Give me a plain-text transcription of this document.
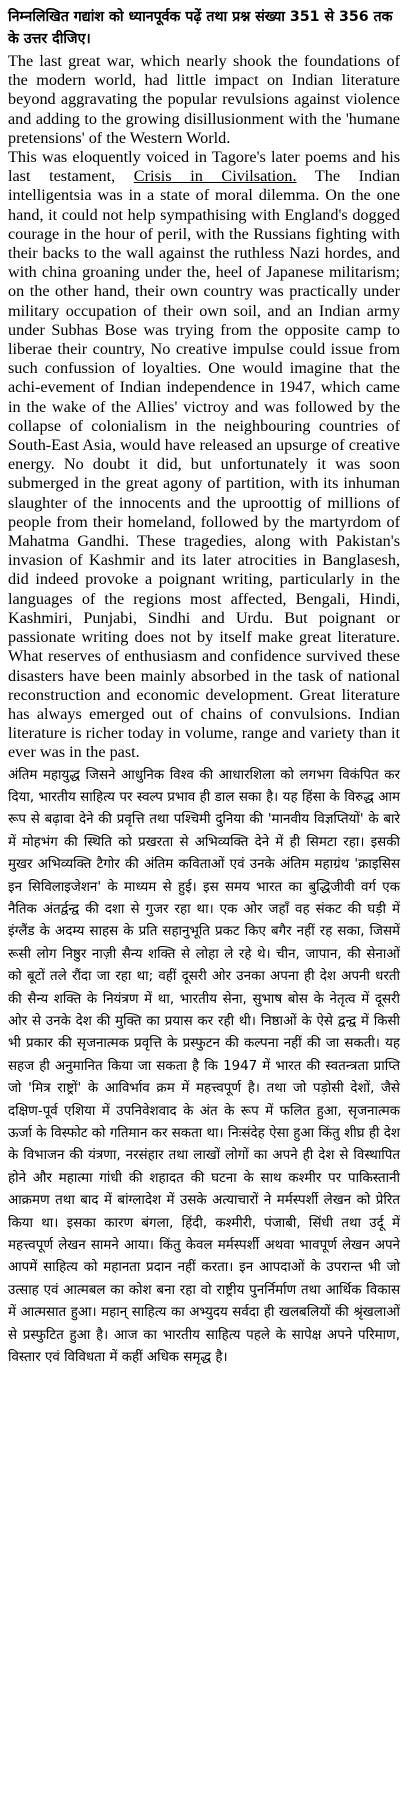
निम्नलिखित गद्यांश को ध्यानपूर्वक पढ़ें तथा प्रश्न संख्या 351 से 356 तक के उत्तर दीजिए।

The last great war, which nearly shook the foundations of the modern world, had little impact on Indian literature beyond aggravating the popular revulsions against violence and adding to the growing disillusionment with the 'humane pretensions' of the Western World.

This was eloquently voiced in Tagore's later poems and his last testament, Crisis in Civilsation. The Indian intelligentsia was in a state of moral dilemma. On the one hand, it could not help sympathising with England's dogged courage in the hour of peril, with the Russians fighting with their backs to the wall against the ruthless Nazi hordes, and with china groaning under the, heel of Japanese militarism; on the other hand, their own country was practically under military occupation of their own soil, and an Indian army under Subhas Bose was trying from the opposite camp to liberae their country, No creative impulse could issue from such confussion of loyalties. One would imagine that the achi-evement of Indian independence in 1947, which came in the wake of the Allies' victroy and was followed by the collapse of colonialism in the neighbouring countries of South-East Asia, would have released an upsurge of creative energy. No doubt it did, but unfortunately it was soon submerged in the great agony of partition, with its inhuman slaughter of the innocents and the uproottig of millions of people from their homeland, followed by the martyrdom of Mahatma Gandhi. These tragedies, along with Pakistan's invasion of Kashmir and its later atrocities in Banglasesh, did indeed provoke a poignant writing, particularly in the languages of the regions most affected, Bengali, Hindi, Kashmiri, Punjabi, Sindhi and Urdu. But poignant or passionate writing does not by itself make great literature. What reserves of enthusiasm and confidence survived these disasters have been mainly absorbed in the task of national reconstruction and economic development. Great literature has always emerged out of chains of convulsions. Indian literature is richer today in volume, range and variety than it ever was in the past.

अंतिम महायुद्ध जिसने आधुनिक विश्व की आधारशिला को लगभग विकंपित कर दिया, भारतीय साहित्य पर स्वल्प प्रभाव ही डाल सका है। यह हिंसा के विरुद्ध आम रूप से बढ़ावा देने की प्रवृत्ति तथा पश्चिमी दुनिया की 'मानवीय विज्ञप्तियों' के बारे में मोहभंग की स्थिति को प्रखरता से अभिव्यक्ति देने में ही सिमटा रहा। इसकी मुखर अभिव्यक्ति टैगोर की अंतिम कविताओं एवं उनके अंतिम महाग्रंथ 'क्राइसिस इन सिविलाइजेशन' के माध्यम से हुई। इस समय भारत का बुद्धिजीवी वर्ग एक नैतिक अंतर्द्वन्द्व की दशा से गुजर रहा था। एक ओर जहाँ वह संकट की घड़ी में इंग्लैंड के अदम्य साहस के प्रति सहानुभूति प्रकट किए बगैर नहीं रह सका, जिसमें रूसी लोग निष्ठुर नाज़ी सैन्य शक्ति से लोहा ले रहे थे। चीन, जापान, की सेनाओं को बूटों तले रौंदा जा रहा था; वहीं दूसरी ओर उनका अपना ही देश अपनी धरती की सैन्य शक्ति के नियंत्रण में था, भारतीय सेना, सुभाष बोस के नेतृत्व में दूसरी ओर से उनके देश की मुक्ति का प्रयास कर रही थी। निष्ठाओं के ऐसे द्वन्द्व में किसी भी प्रकार की सृजनात्मक प्रवृत्ति के प्रस्फुटन की कल्पना नहीं की जा सकती। यह सहज ही अनुमानित किया जा सकता है कि 1947 में भारत की स्वतन्त्रता प्राप्ति जो 'मित्र राष्ट्रों' के आविर्भाव क्रम में महत्त्वपूर्ण है। तथा जो पड़ोसी देशों, जैसे दक्षिण-पूर्व एशिया में उपनिवेशवाद के अंत के रूप में फलित हुआ, सृजनात्मक ऊर्जा के विस्फोट को गतिमान कर सकता था। निःसंदेह ऐसा हुआ किंतु शीघ्र ही देश के विभाजन की यंत्रणा, नरसंहार तथा लाखों लोगों का अपने ही देश से विस्थापित होने और महात्मा गांधी की शहादत की घटना के साथ कश्मीर पर पाकिस्तानी आक्रमण तथा बाद में बांग्लादेश में उसके अत्याचारों ने मर्मस्पर्शी लेखन को प्रेरित किया था। इसका कारण बंगला, हिंदी, कश्मीरी, पंजाबी, सिंधी तथा उर्दू में महत्त्वपूर्ण लेखन सामने आया। किंतु केवल मर्मस्पर्शी अथवा भावपूर्ण लेखन अपने आपमें साहित्य को महानता प्रदान नहीं करता। इन आपदाओं के उपरान्त भी जो उत्साह एवं आत्मबल का कोश बना रहा वो राष्ट्रीय पुनर्निर्माण तथा आर्थिक विकास में आत्मसात हुआ। महान् साहित्य का अभ्युदय सर्वदा ही खलबलियों की श्रृंखलाओं से प्रस्फुटित हुआ है। आज का भारतीय साहित्य पहले के सापेक्ष अपने परिमाण, विस्तार एवं विविधता में कहीं अधिक समृद्ध है।
